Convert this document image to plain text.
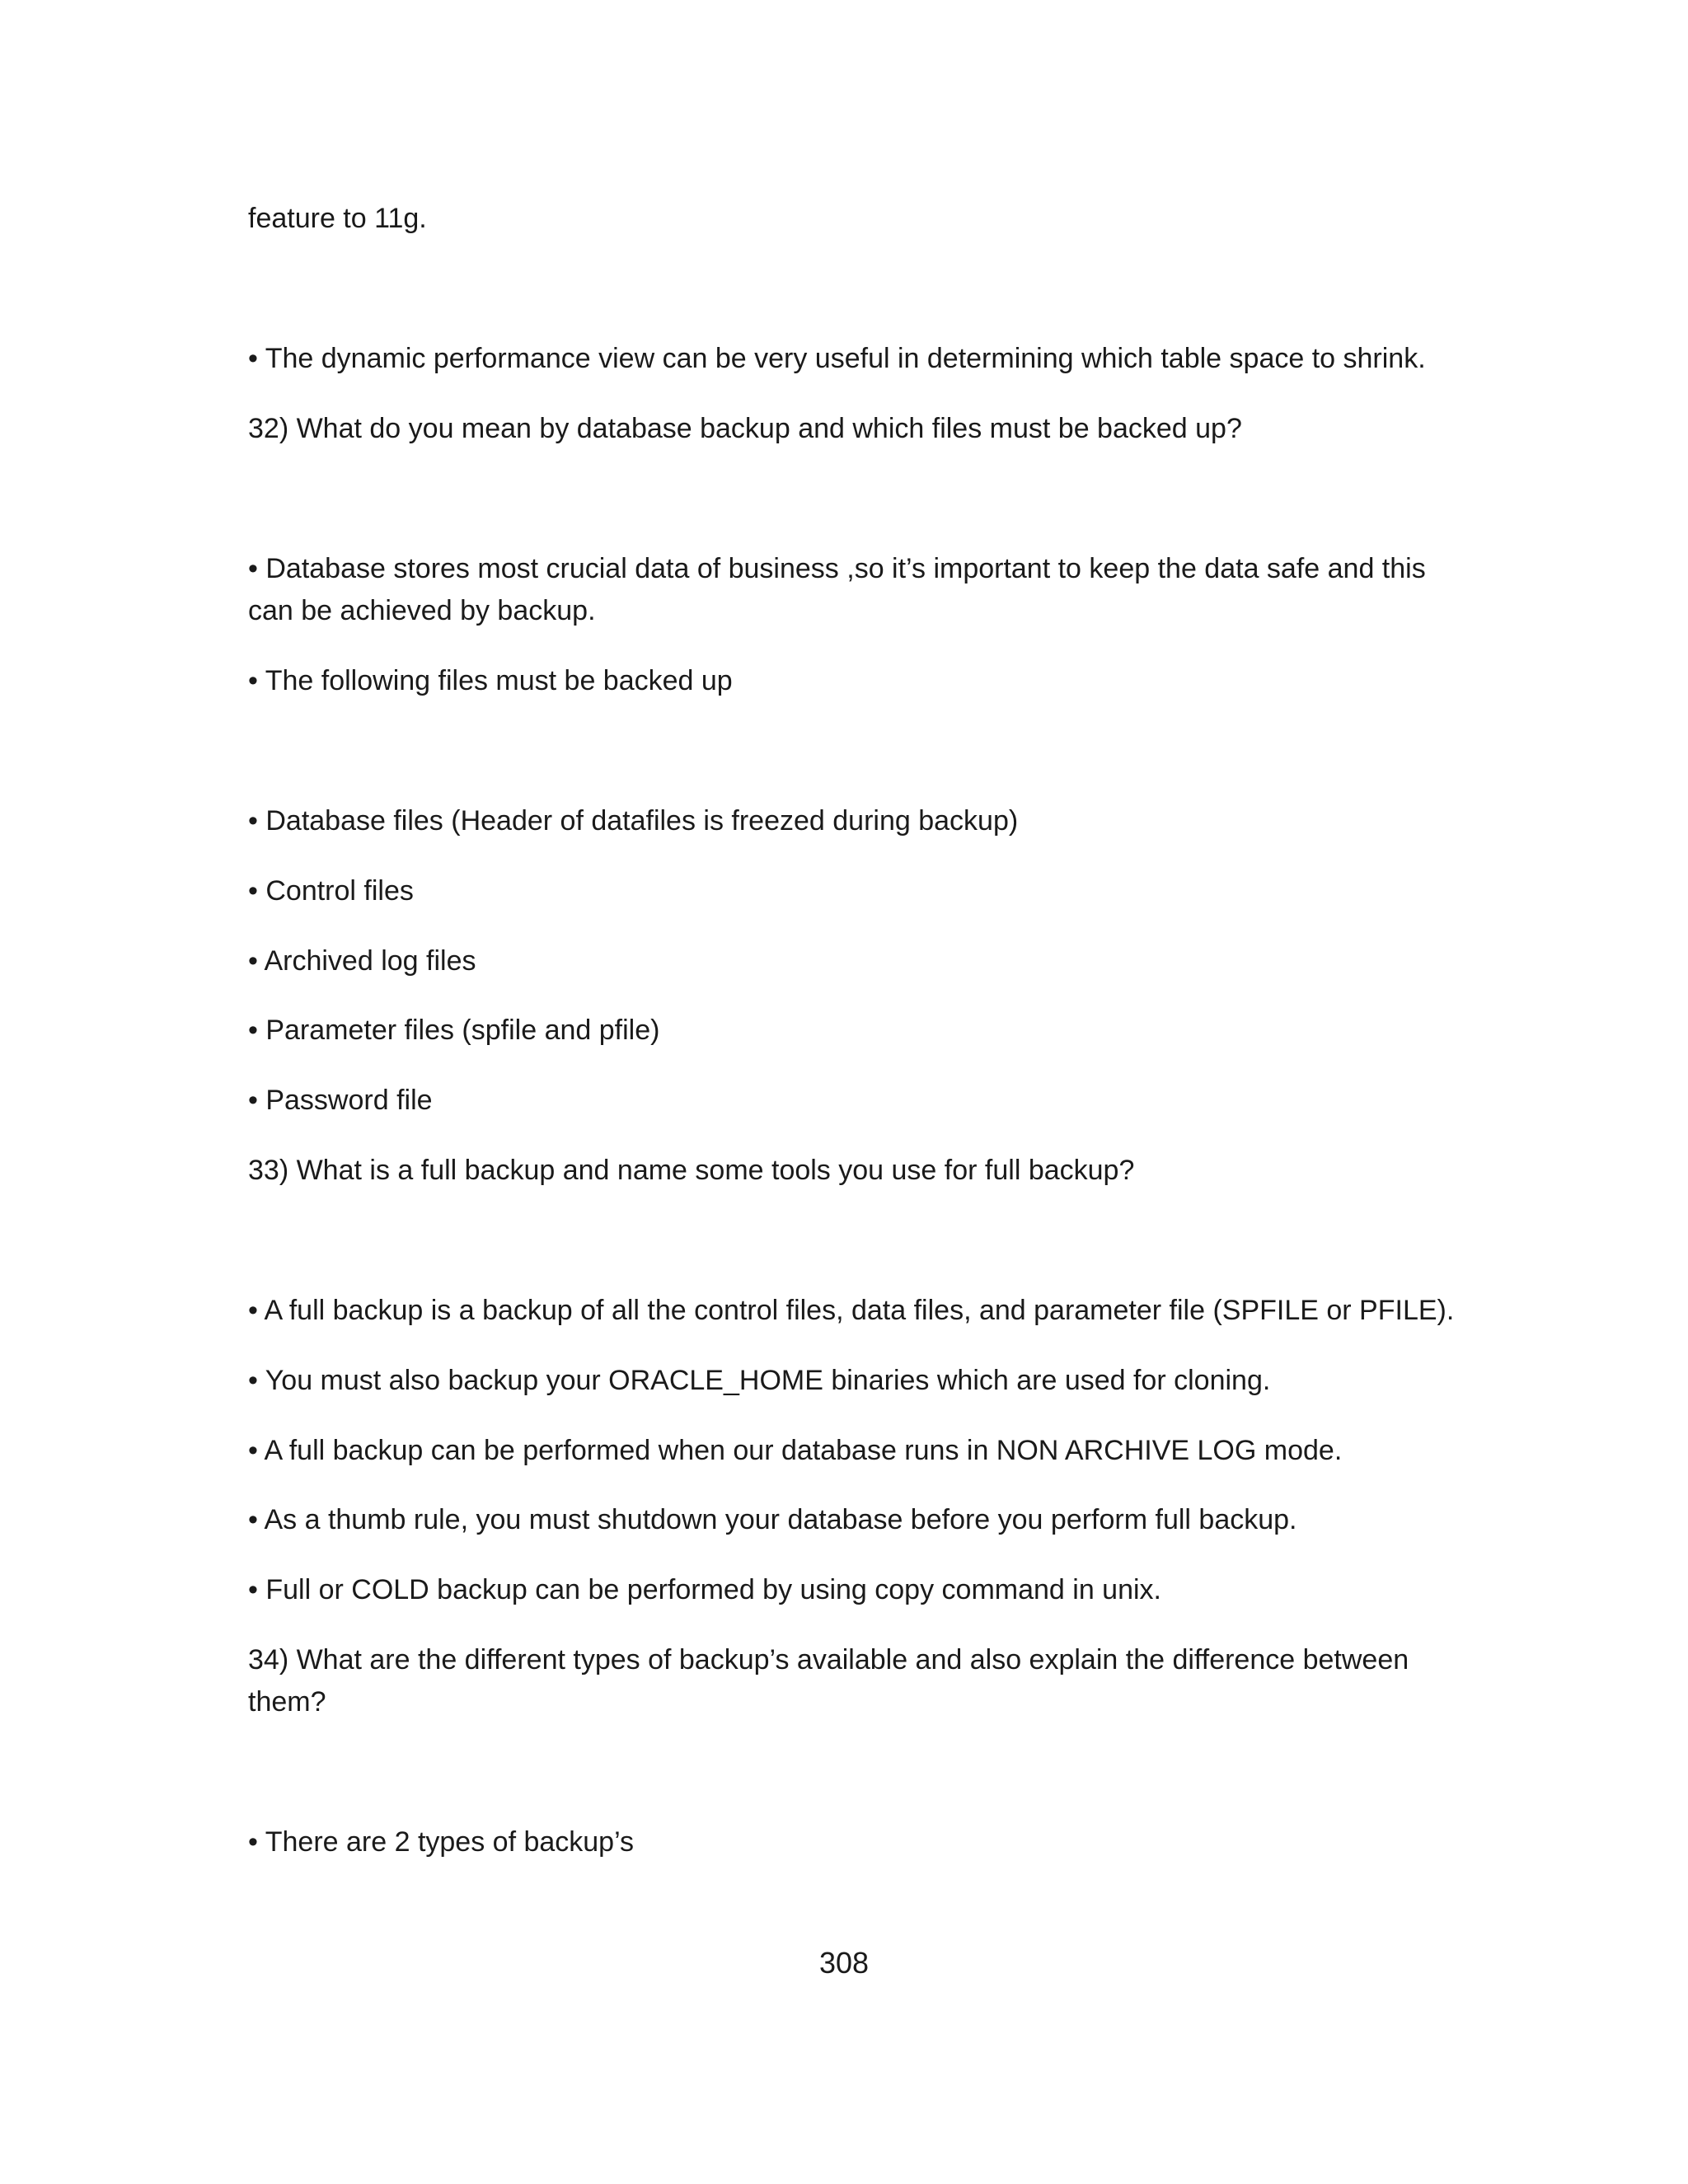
feature to 11g.

• The dynamic performance view can be very useful in determining which table space to shrink.

32) What do you mean by database backup and which files must be backed up?

• Database stores most crucial data of business ,so it’s important to keep the data safe and this

can be achieved by backup.

• The following files must be backed up

• Database files (Header of datafiles is freezed during backup)

• Control files

• Archived log files

• Parameter files (spfile and pfile)

• Password file

33) What is a full backup and name some tools you use for full backup?

• A full backup is a backup of all the control files, data files, and parameter file (SPFILE or PFILE).

• You must also backup your ORACLE_HOME binaries which are used for cloning.

• A full backup can be performed when our database runs in NON ARCHIVE LOG mode.

• As a thumb rule, you must shutdown your database before you perform full backup.

• Full or COLD backup can be performed by using copy command in unix.

34) What are the different types of backup’s available and also explain the difference between

them?

• There are 2 types of backup’s

308
